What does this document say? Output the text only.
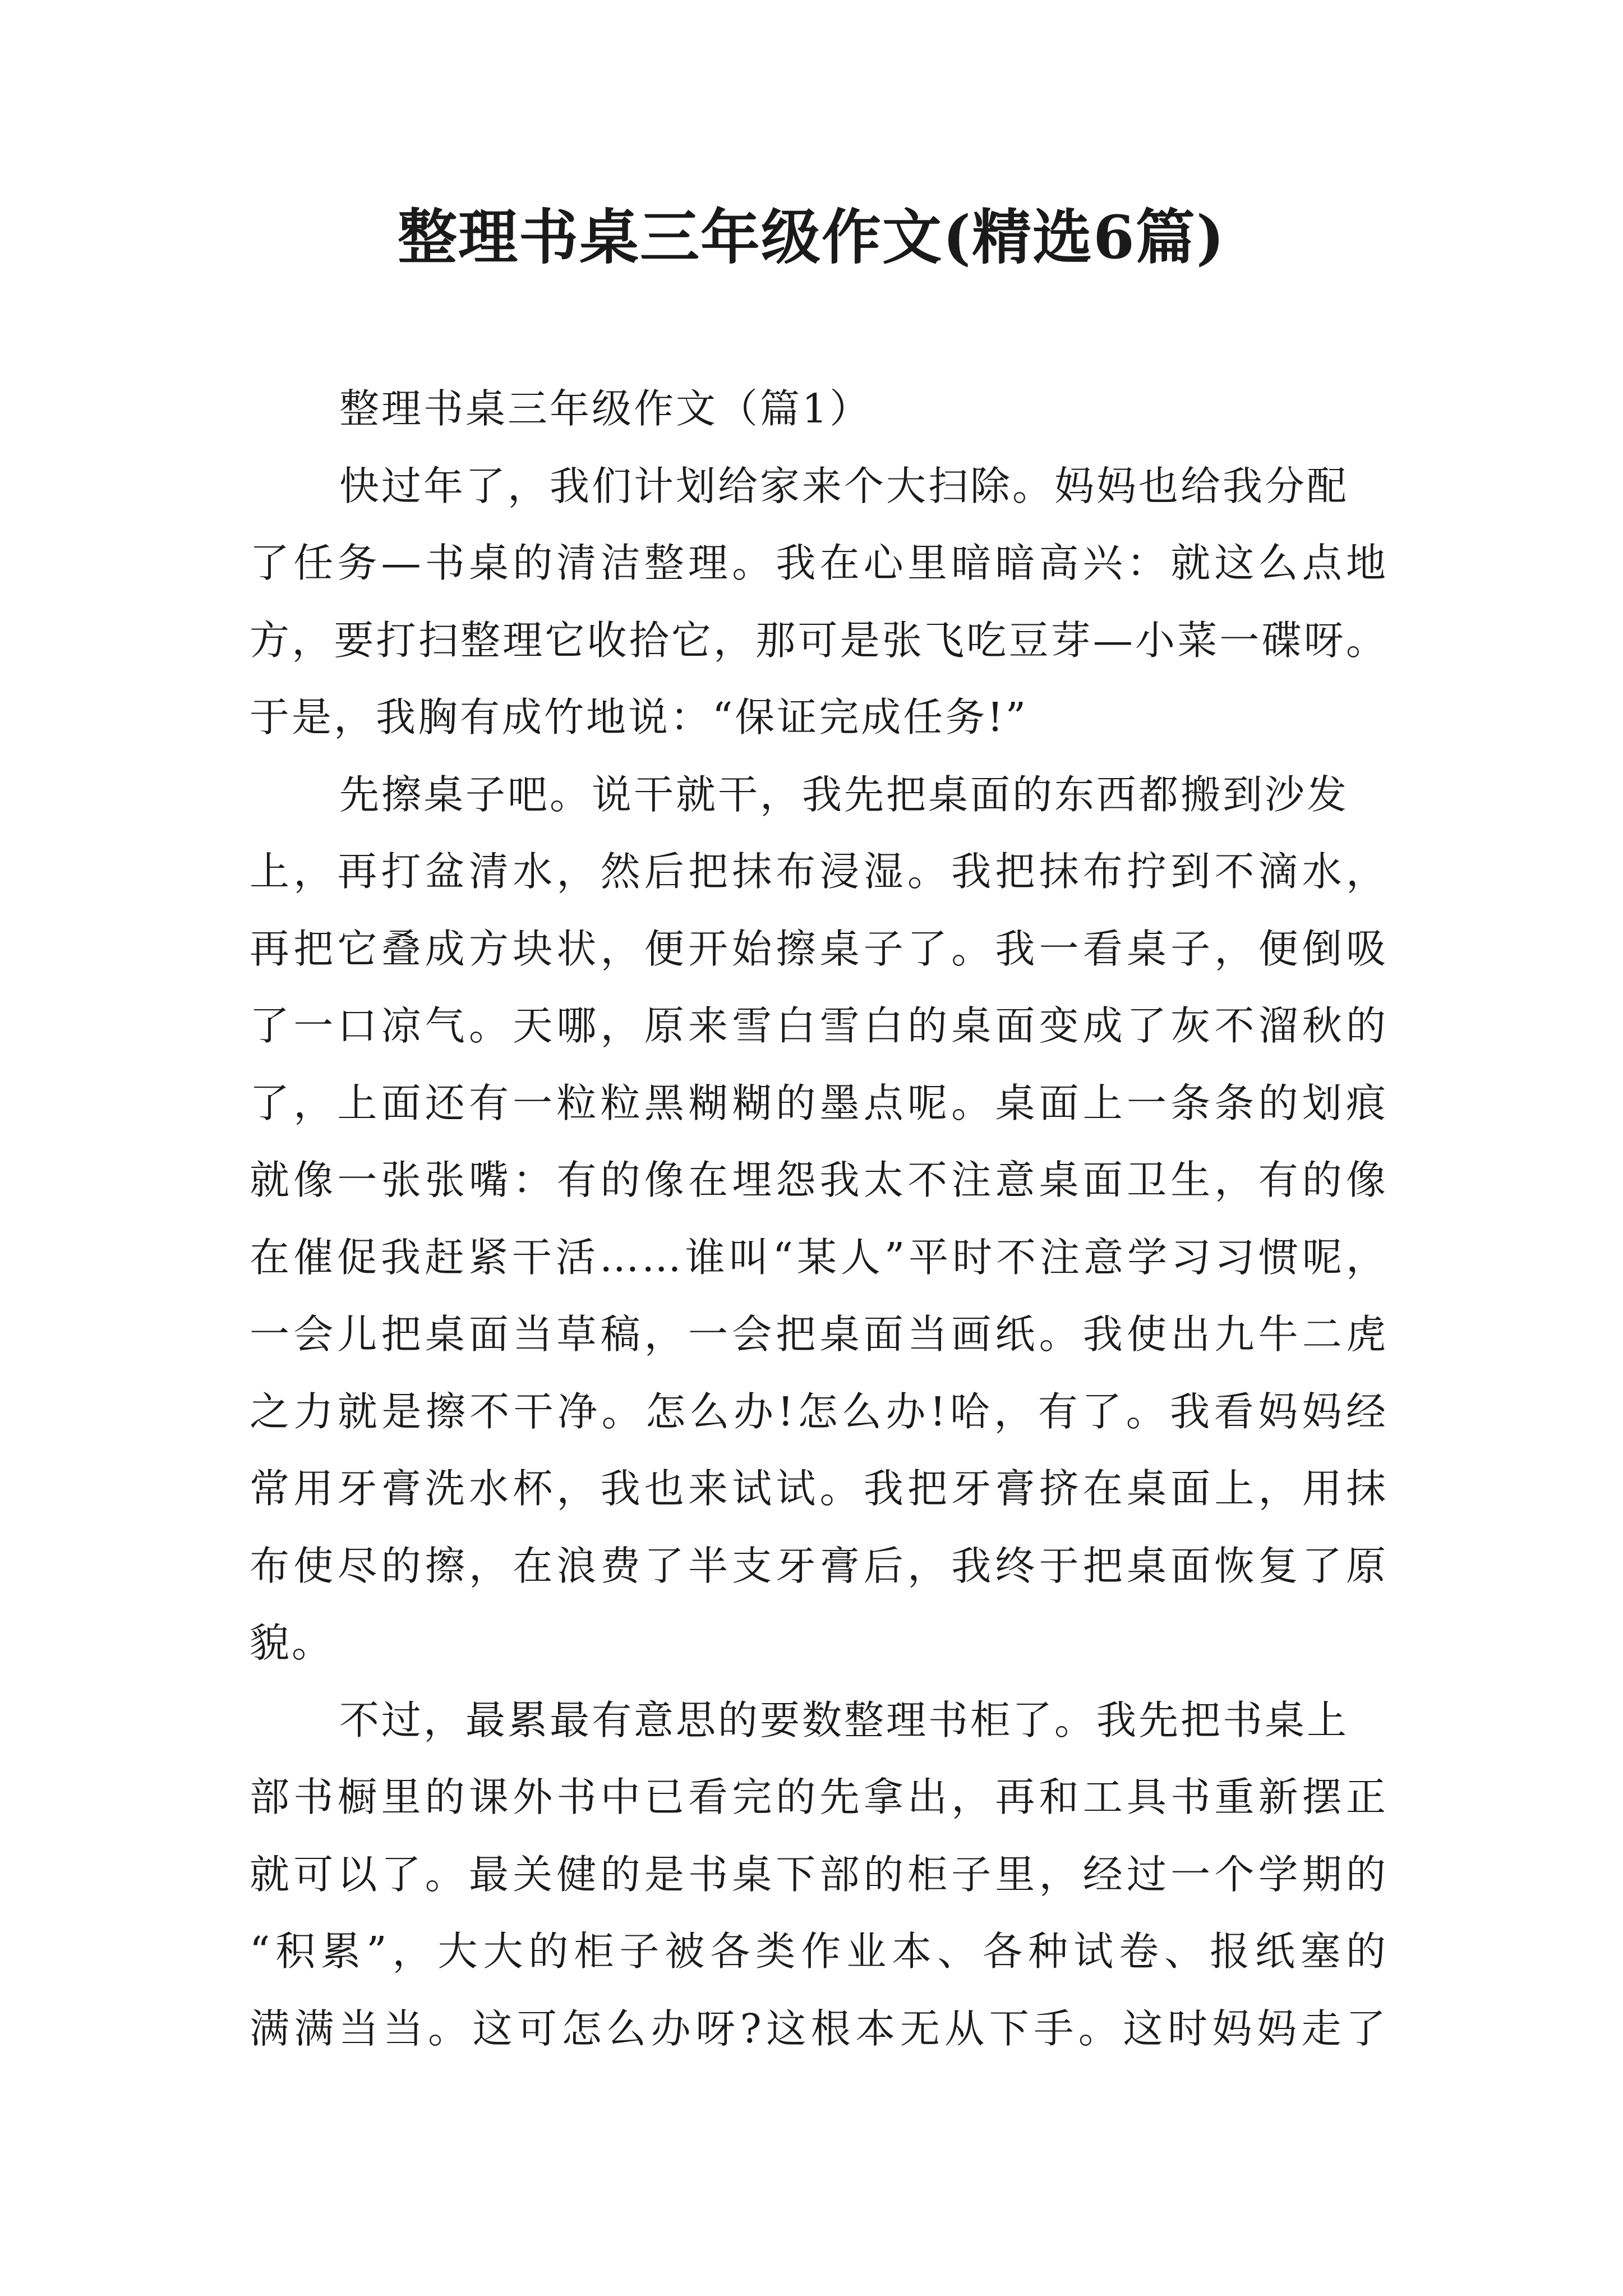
整理书桌三年级作文(精选6篇)
整理书桌三年级作文（篇1）
快过年了，我们计划给家来个大扫除。妈妈也给我分配
了任务—书桌的清洁整理。我在心里暗暗高兴：就这么点地
方，要打扫整理它收拾它，那可是张飞吃豆芽—小菜一碟呀。
于是，我胸有成竹地说：“保证完成任务!”
先擦桌子吧。说干就干，我先把桌面的东西都搬到沙发
上，再打盆清水，然后把抹布浸湿。我把抹布拧到不滴水，
再把它叠成方块状，便开始擦桌子了。我一看桌子，便倒吸
了一口凉气。天哪，原来雪白雪白的桌面变成了灰不溜秋的
了，上面还有一粒粒黑糊糊的墨点呢。桌面上一条条的划痕
就像一张张嘴：有的像在埋怨我太不注意桌面卫生，有的像
在催促我赶紧干活……谁叫“某人”平时不注意学习习惯呢，
一会儿把桌面当草稿，一会把桌面当画纸。我使出九牛二虎
之力就是擦不干净。怎么办!怎么办!哈，有了。我看妈妈经
常用牙膏洗水杯，我也来试试。我把牙膏挤在桌面上，用抹
布使尽的擦，在浪费了半支牙膏后，我终于把桌面恢复了原
貌。
不过，最累最有意思的要数整理书柜了。我先把书桌上
部书橱里的课外书中已看完的先拿出，再和工具书重新摆正
就可以了。最关健的是书桌下部的柜子里，经过一个学期的
“积累”，大大的柜子被各类作业本、各种试卷、报纸塞的
满满当当。这可怎么办呀?这根本无从下手。这时妈妈走了
